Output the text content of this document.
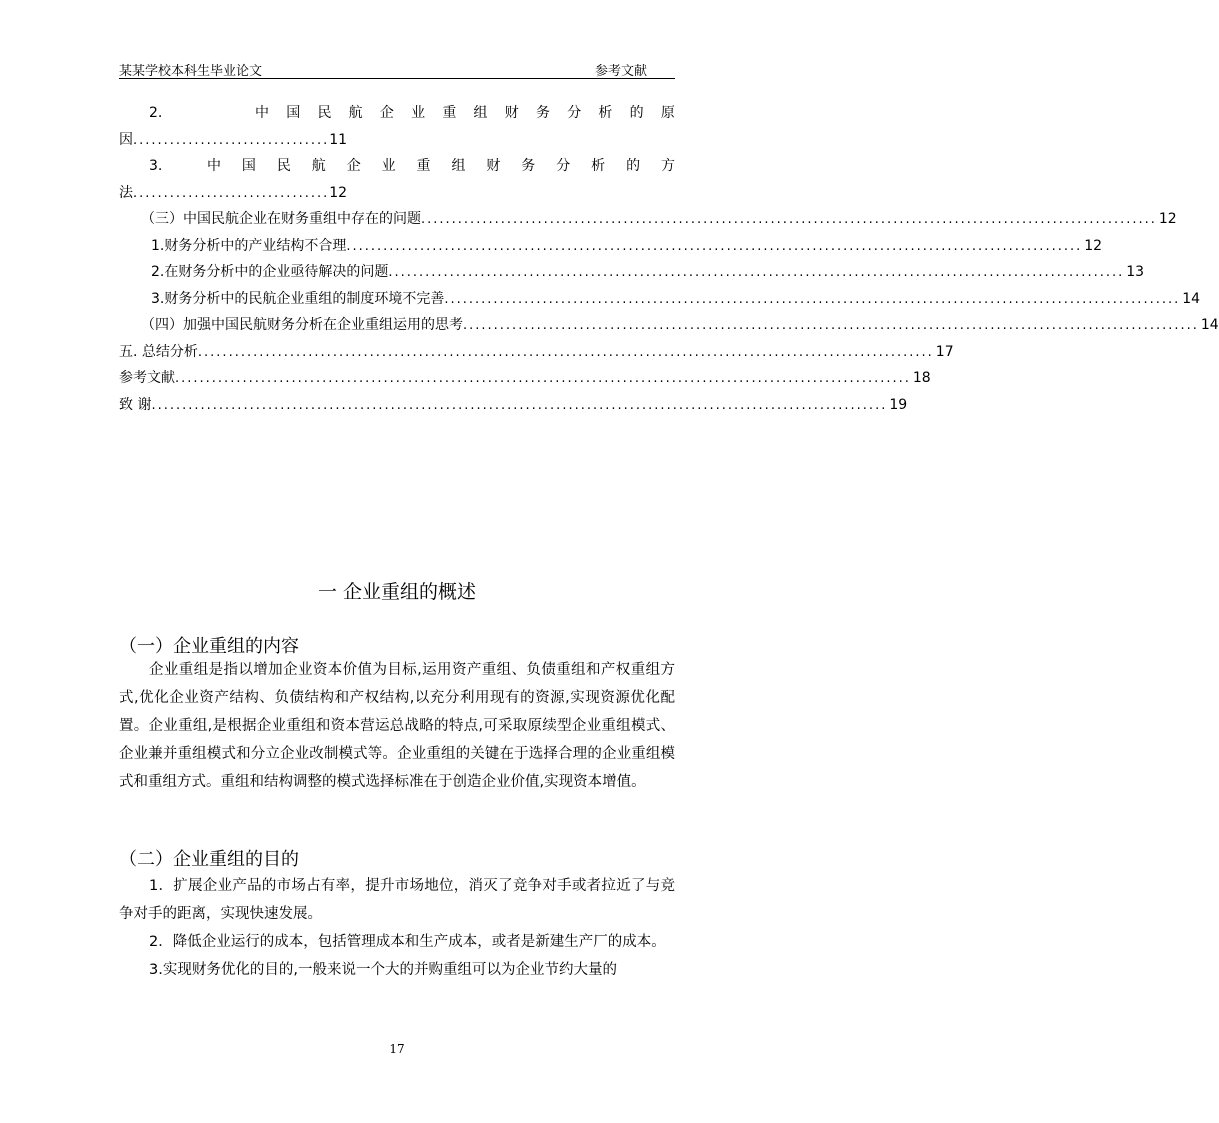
某某学校本科生毕业论文	参考文献
2.	中 国 民 航 企 业 重 组 财 务 分 析 的 原
因 ................................ 11
3.	中 国 民 航 企 业 重 组 财 务 分 析 的 方
法 ................................ 12
（三）中国民航企业在财务重组中存在的问题 ........................................................................................................................ 12
1.财务分析中的产业结构不合理 ........................................................................................................................ 12
2.在财务分析中的企业亟待解决的问题 ........................................................................................................................ 13
3.财务分析中的民航企业重组的制度环境不完善 ........................................................................................................................ 14
（四）加强中国民航财务分析在企业重组运用的思考 ........................................................................................................................ 14
五. 总结分析 ........................................................................................................................ 17
参考文献 ........................................................................................................................ 18
致 谢 ........................................................................................................................ 19
一 企业重组的概述
（一）企业重组的内容

企业重组是指以增加企业资本价值为目标,运用资产重组、负债重组和产权重组方式,优化企业资产结构、负债结构和产权结构,以充分利用现有的资源,实现资源优化配置。企业重组,是根据企业重组和资本营运总战略的特点,可采取原续型企业重组模式、企业兼并重组模式和分立企业改制模式等。企业重组的关键在于选择合理的企业重组模式和重组方式。重组和结构调整的模式选择标准在于创造企业价值,实现资本增值。

（二）企业重组的目的

1．扩展企业产品的市场占有率，提升市场地位，消灭了竞争对手或者拉近了与竞争对手的距离，实现快速发展。

2．降低企业运行的成本，包括管理成本和生产成本，或者是新建生产厂的成本。

3.实现财务优化的目的,一般来说一个大的并购重组可以为企业节约大量的

17
